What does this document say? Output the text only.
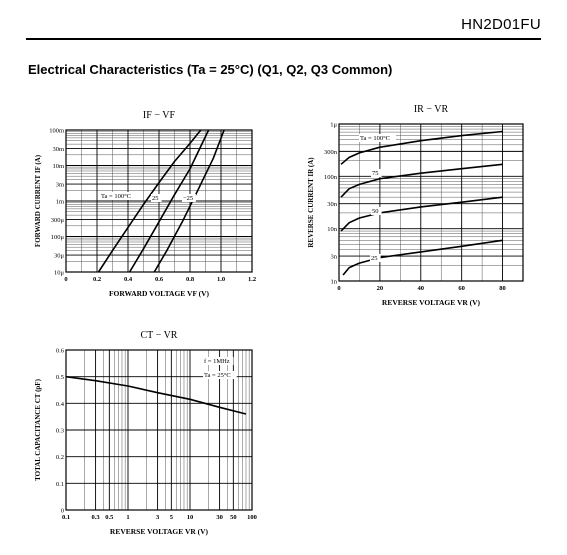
HN2D01FU
Electrical Characteristics (Ta = 25°C) (Q1, Q2, Q3 Common)
10μ
30μ
100μ
300μ
1m
3m
10m
30m
100m
0	0.2	0.4	0.6	0.8	1.0	1.2
Ta = 100°C	25	−25
IF − VF
FORWARD VOLTAGE VF (V)
FORWARD CURRENT IF (A)
1n
3n
10n
30n
100n
300n
1μ
0	20	40	60	80
Ta = 100°C
75
50
25
IR − VR
REVERSE VOLTAGE VR (V)
REVERSE CURRENT IR (A)
0
0.1
0.2
0.3
0.4
0.5
0.6
0.1	0.3 0.5 1	3 5 10	30 50 100
f = 1MHz
Ta = 25°C
CT − VR
REVERSE VOLTAGE VR (V)
TOTAL CAPACITANCE CT (pF)
